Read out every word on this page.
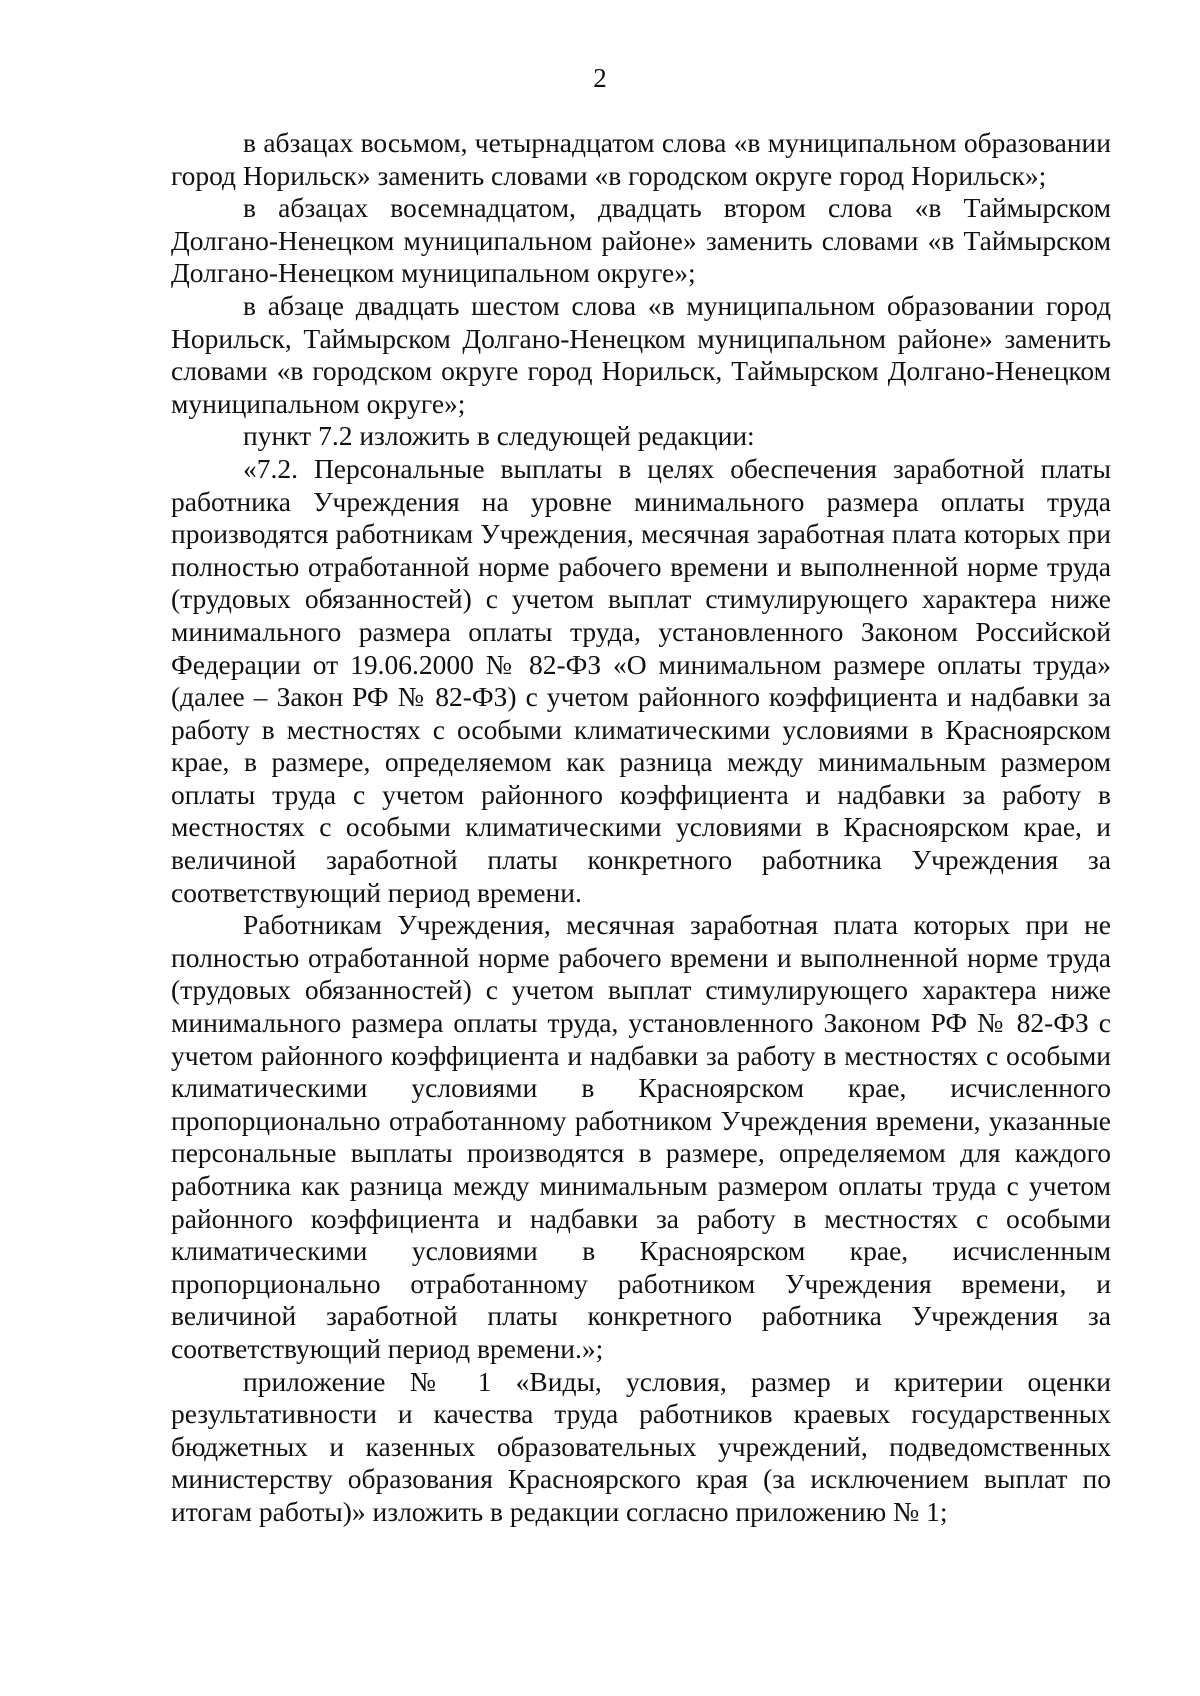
2

в абзацах восьмом, четырнадцатом слова «в муниципальном образовании город Норильск» заменить словами «в городском округе город Норильск»;

в абзацах восемнадцатом, двадцать втором слова «в Таймырском Долгано-Ненецком муниципальном районе» заменить словами «в Таймырском Долгано-Ненецком муниципальном округе»;

в абзаце двадцать шестом слова «в муниципальном образовании город Норильск, Таймырском Долгано-Ненецком муниципальном районе» заменить словами «в городском округе город Норильск, Таймырском Долгано-Ненецком муниципальном округе»;

пункт 7.2 изложить в следующей редакции:

«7.2. Персональные выплаты в целях обеспечения заработной платы работника Учреждения на уровне минимального размера оплаты труда производятся работникам Учреждения, месячная заработная плата которых при полностью отработанной норме рабочего времени и выполненной норме труда (трудовых обязанностей) с учетом выплат стимулирующего характера ниже минимального размера оплаты труда, установленного Законом Российской Федерации от 19.06.2000 № 82-ФЗ «О минимальном размере оплаты труда» (далее – Закон РФ № 82-ФЗ) с учетом районного коэффициента и надбавки за работу в местностях с особыми климатическими условиями в Красноярском крае, в размере, определяемом как разница между минимальным размером оплаты труда с учетом районного коэффициента и надбавки за работу в местностях с особыми климатическими условиями в Красноярском крае, и величиной заработной платы конкретного работника Учреждения за соответствующий период времени.

Работникам Учреждения, месячная заработная плата которых при не полностью отработанной норме рабочего времени и выполненной норме труда (трудовых обязанностей) с учетом выплат стимулирующего характера ниже минимального размера оплаты труда, установленного Законом РФ № 82-ФЗ с учетом районного коэффициента и надбавки за работу в местностях с особыми климатическими условиями в Красноярском крае, исчисленного пропорционально отработанному работником Учреждения времени, указанные персональные выплаты производятся в размере, определяемом для каждого работника как разница между минимальным размером оплаты труда с учетом районного коэффициента и надбавки за работу в местностях с особыми климатическими условиями в Красноярском крае, исчисленным пропорционально отработанному работником Учреждения времени, и величиной заработной платы конкретного работника Учреждения за соответствующий период времени.»;

приложение № 1 «Виды, условия, размер и критерии оценки результативности и качества труда работников краевых государственных бюджетных и казенных образовательных учреждений, подведомственных министерству образования Красноярского края (за исключением выплат по итогам работы)» изложить в редакции согласно приложению № 1;
